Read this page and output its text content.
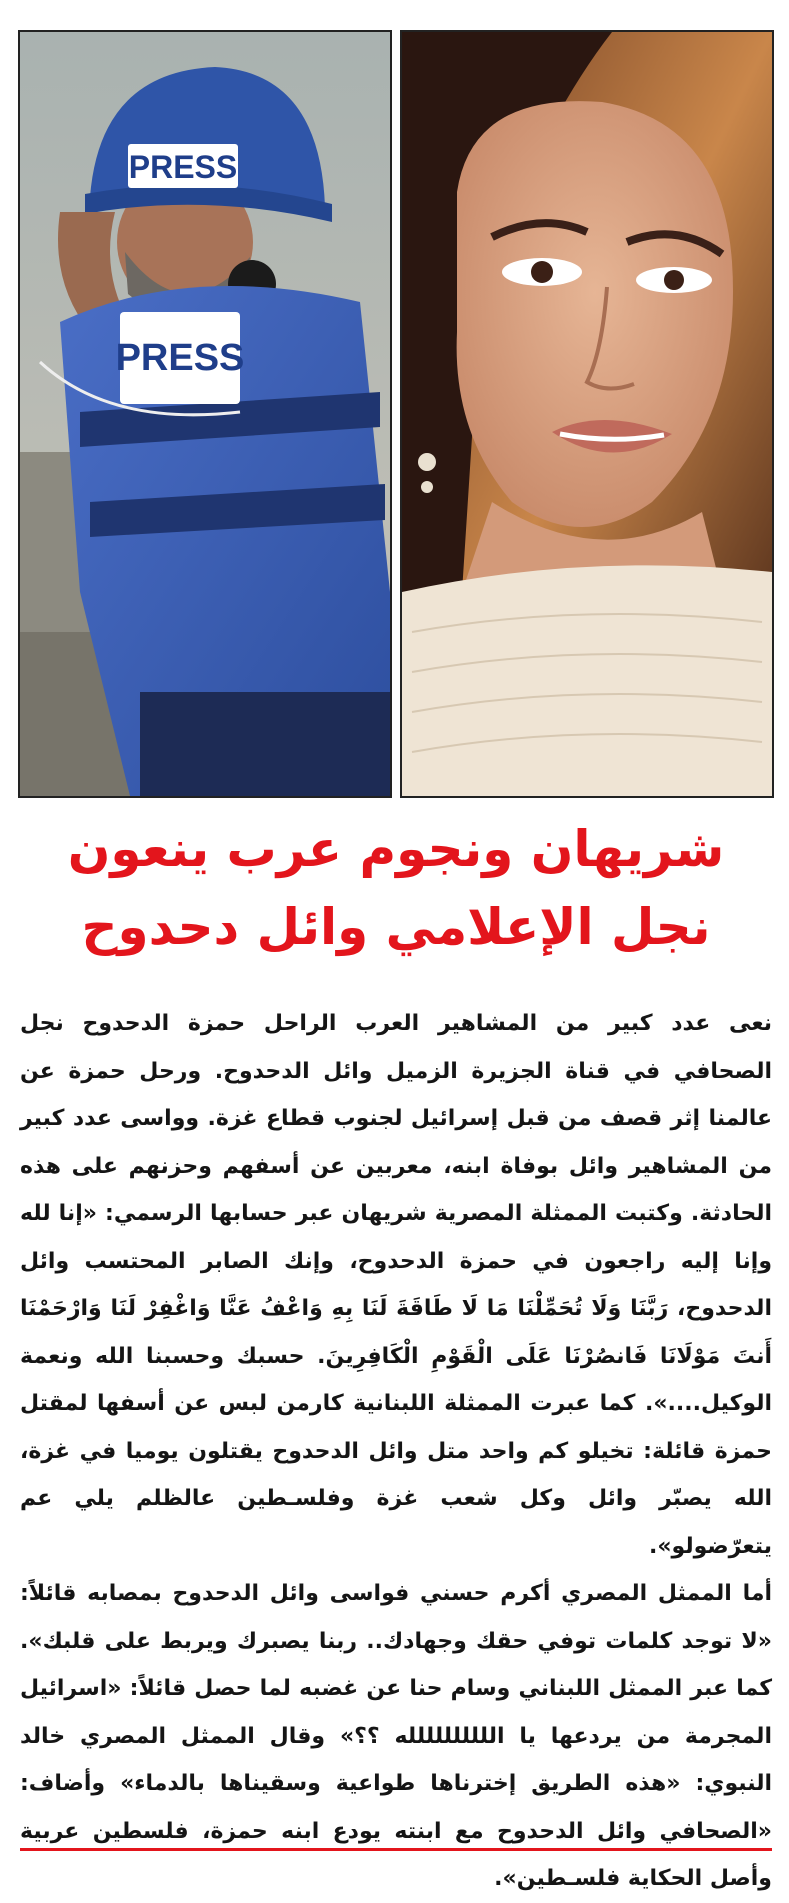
PRESS
PRESS
شريهان ونجوم عرب ينعون
نجل الإعلامي وائل دحدوح

نعى عدد كبير من المشاهير العرب الراحل حمزة الدحدوح نجل الصحافي في قناة الجزيرة الزميل وائل الدحدوح. ورحل حمزة عن عالمنا إثر قصف من قبل إسرائيل لجنوب قطاع غزة. وواسى عدد كبير من المشاهير وائل بوفاة ابنه، معربين عن أسفهم وحزنهم على هذه الحادثة. وكتبت الممثلة المصرية شريهان عبر حسابها الرسمي: «إنا لله وإنا إليه راجعون في حمزة الدحدوح، وإنك الصابر المحتسب وائل الدحدوح، رَبَّنَا وَلَا تُحَمِّلْنَا مَا لَا طَاقَةَ لَنَا بِهِ وَاعْفُ عَنَّا وَاغْفِرْ لَنَا وَارْحَمْنَا أَنتَ مَوْلَانَا فَانصُرْنَا عَلَى الْقَوْمِ الْكَافِرِينَ. حسبك وحسبنا الله ونعمة الوكيل....». كما عبرت الممثلة اللبنانية كارمن لبس عن أسفها لمقتل حمزة قائلة: تخيلو كم واحد متل وائل الدحدوح يقتلون يوميا في غزة، الله يصبّر وائل وكل شعب غزة وفلسـطين عالظلم يلي عم يتعرّضولو».

أما الممثل المصري أكرم حسني فواسى وائل الدحدوح بمصابه قائلاً: «لا توجد كلمات توفي حقك وجهادك.. ربنا يصبرك ويربط على قلبك». كما عبر الممثل اللبناني وسام حنا عن غضبه لما حصل قائلاً: «اسرائيل المجرمة من يردعها يا الللللللللله ؟؟» وقال الممثل المصري خالد النبوي: «هذه الطريق إخترناها طواعية وسقيناها بالدماء» وأضاف: «الصحافي وائل الدحدوح مع ابنته يودع ابنه حمزة، فلسطين عربية وأصل الحكاية فلسـطين».
